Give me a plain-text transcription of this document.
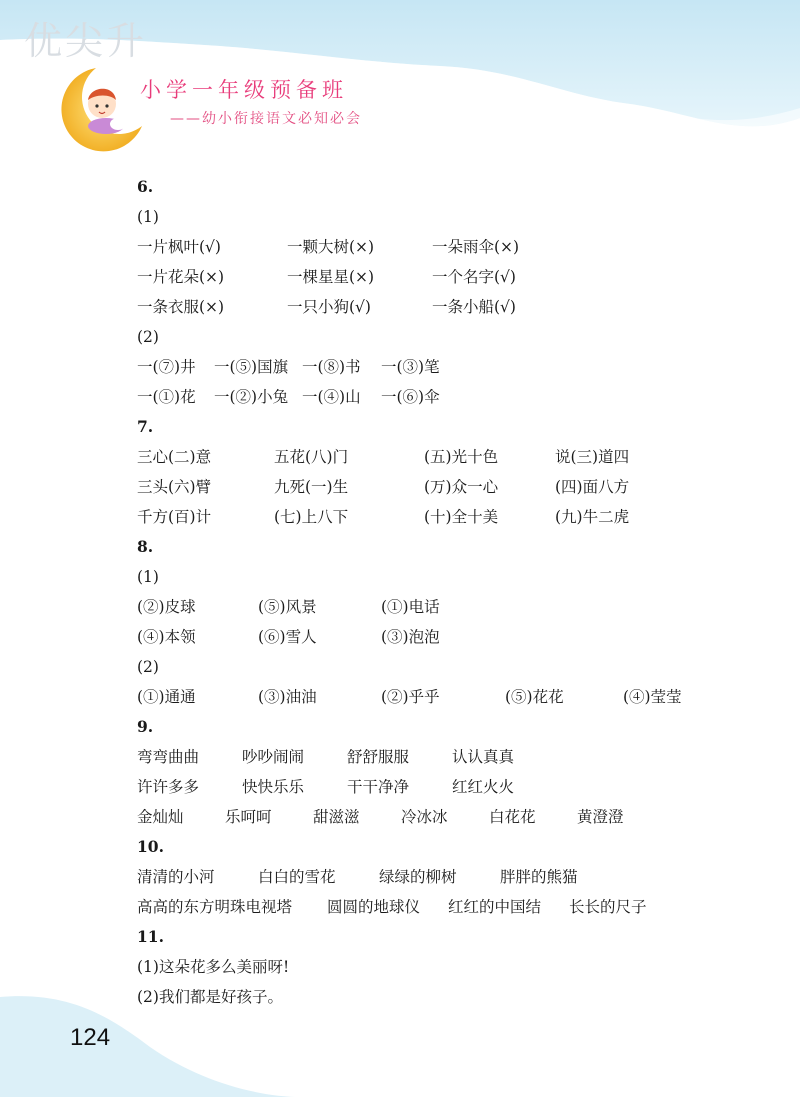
优尖升
小学一年级预备班
——幼小衔接语文必知必会
124
6.
(1)
一片枫叶(√)	一颗大树(×)	一朵雨伞(×)
一片花朵(×)	一棵星星(×)	一个名字(√)
一条衣服(×)	一只小狗(√)	一条小船(√)
(2)
一(⑦)井	一(⑤)国旗 一(⑧)书	一(③)笔
一(①)花	一(②)小兔 一(④)山	一(⑥)伞
7.
三心(二)意	五花(八)门	(五)光十色	说(三)道四
三头(六)臂	九死(一)生	(万)众一心	(四)面八方
千方(百)计	(七)上八下	(十)全十美	(九)牛二虎
8.
(1)
(②)皮球	(⑤)风景	(①)电话
(④)本领	(⑥)雪人	(③)泡泡
(2)
(①)通通	(③)油油	(②)乎乎	(⑤)花花	(④)莹莹
9.
弯弯曲曲	吵吵闹闹	舒舒服服	认认真真
许许多多	快快乐乐	干干净净	红红火火
金灿灿	乐呵呵	甜滋滋	冷冰冰	白花花	黄澄澄
10.
清清的小河	白白的雪花	绿绿的柳树	胖胖的熊猫
高高的东方明珠电视塔	圆圆的地球仪	红红的中国结	长长的尺子
11.
(1)这朵花多么美丽呀!
(2)我们都是好孩子。
